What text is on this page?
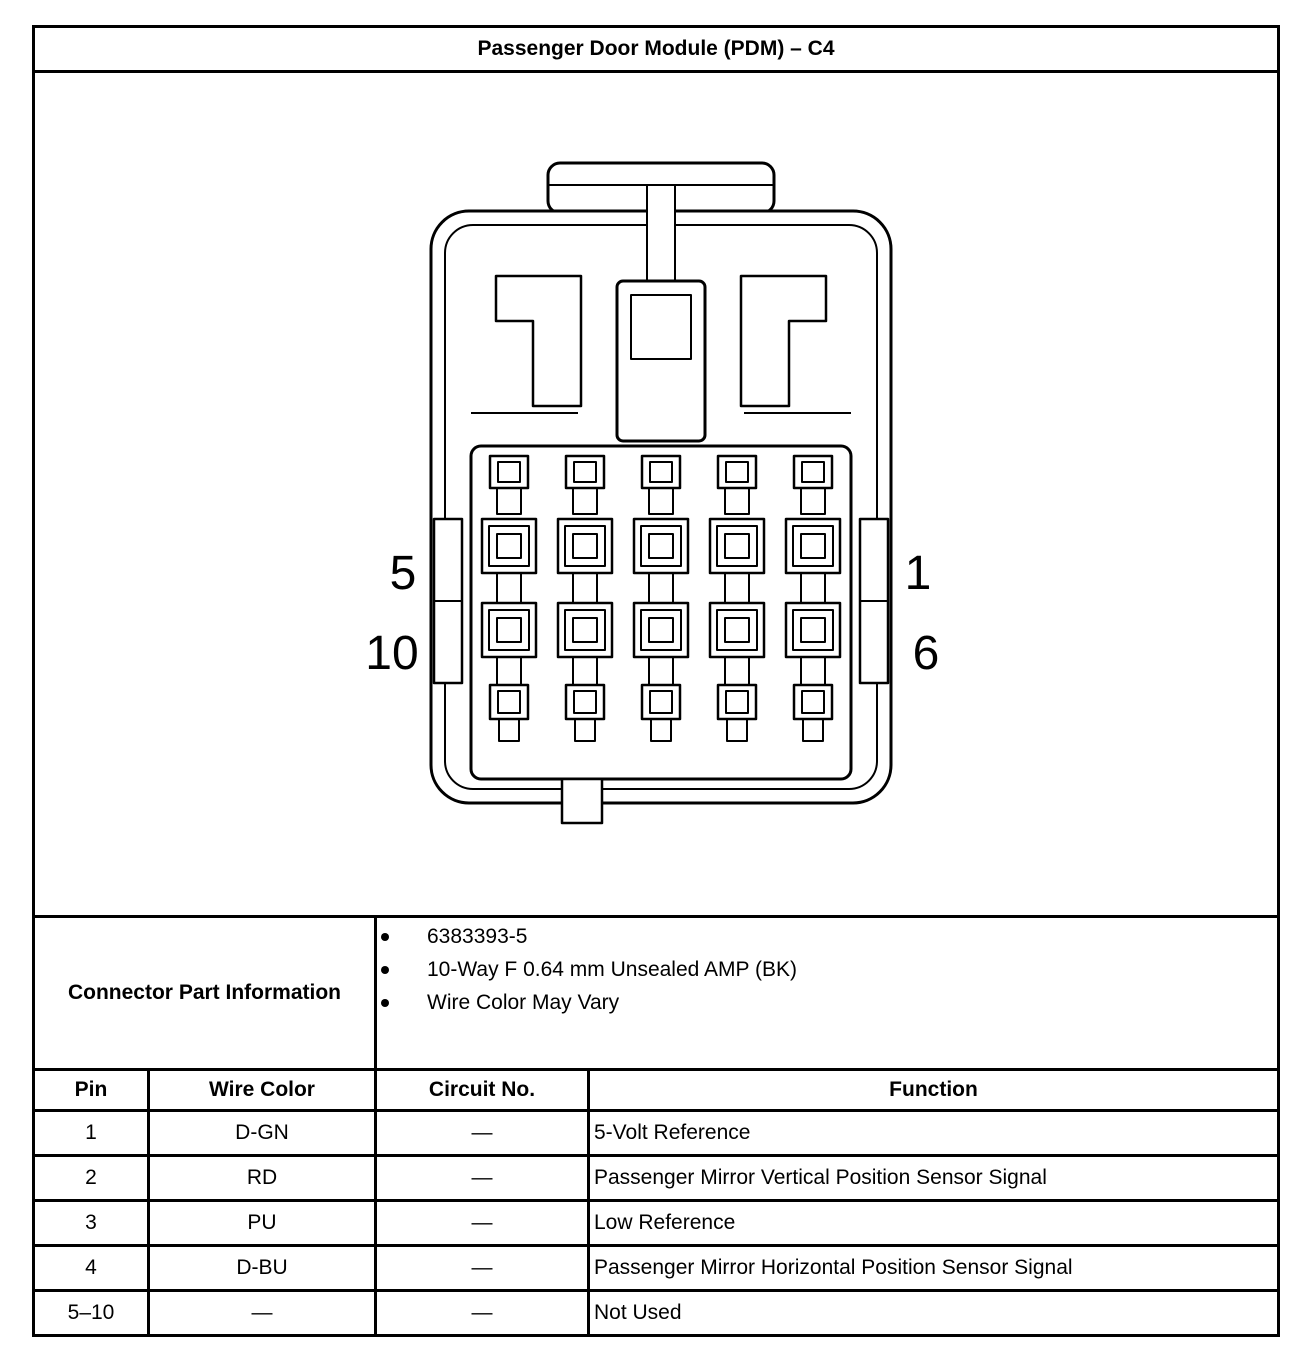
Passenger Door Module (PDM) – C4			

5
10
1
6			

Connector Part Information	
6383393-5
10-Way F 0.64 mm Unsealed AMP (BK)
Wire Color May Vary

Pin	Wire Color	Circuit No.	Function
1	D-GN	—	5-Volt Reference
2	RD	—	Passenger Mirror Vertical Position Sensor Signal
3	PU	—	Low Reference
4	D-BU	—	Passenger Mirror Horizontal Position Sensor Signal
5–10	—	—	Not Used
